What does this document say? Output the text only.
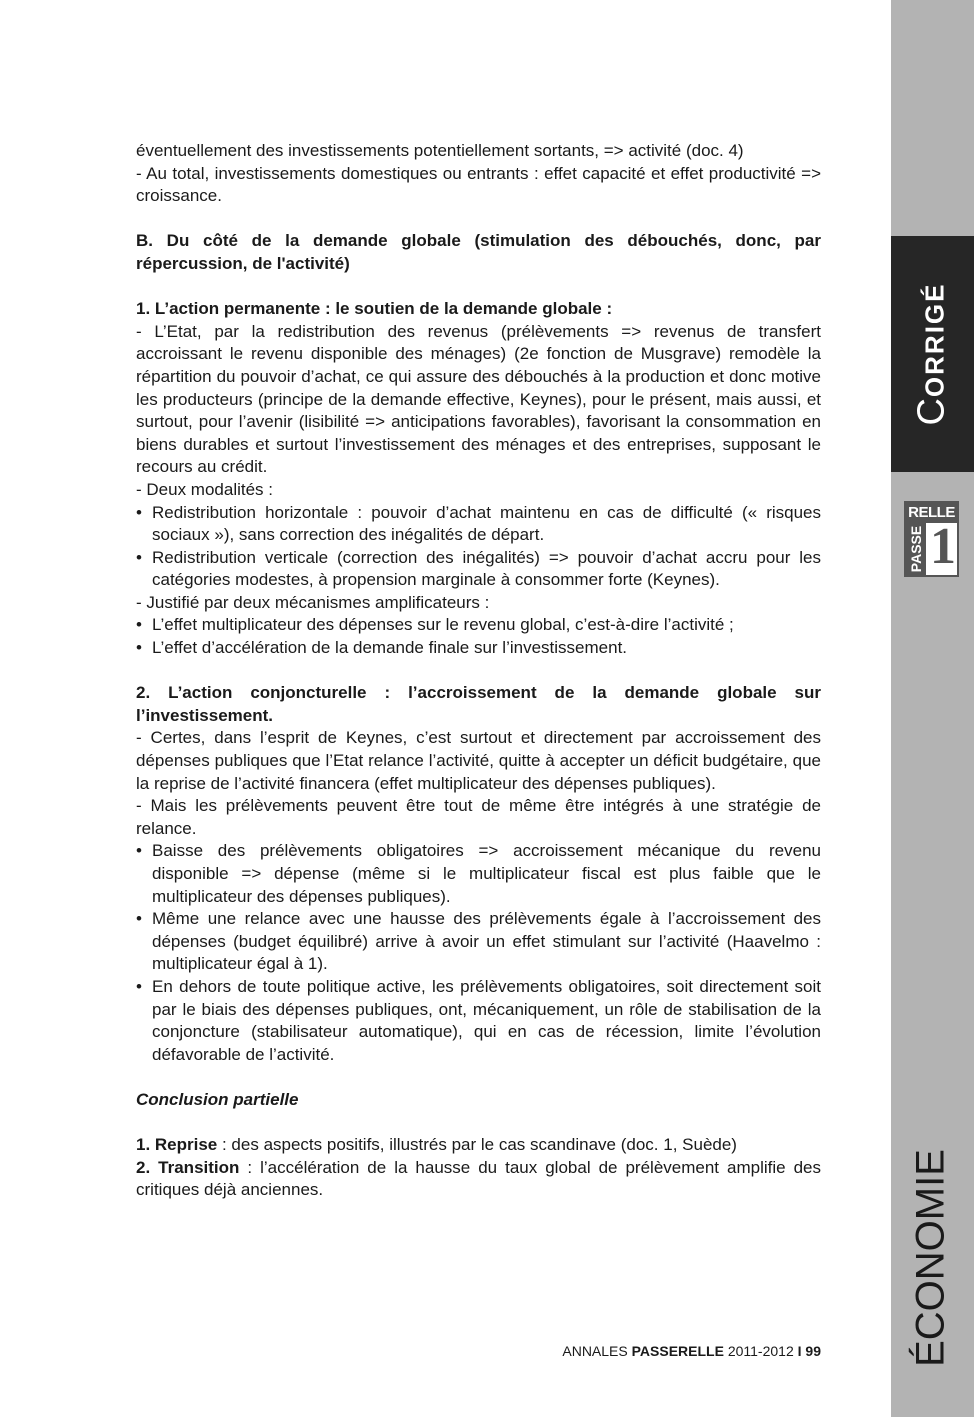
CORRIGÉ
RELLE
PASSE 1
ÉCONOMIE

éventuellement des investissements potentiellement sortants, => activité (doc. 4)

- Au total, investissements domestiques ou entrants : effet capacité et effet productivité => croissance.

B. Du côté de la demande globale (stimulation des débouchés, donc, par répercussion, de l'activité)

1. L’action permanente : le soutien de la demande globale :

- L’Etat, par la redistribution des revenus (prélèvements => revenus de transfert accroissant le revenu disponible des ménages) (2e fonction de Musgrave) remodèle la répartition du pouvoir d’achat, ce qui assure des débouchés à la production et donc motive les producteurs (principe de la demande effective, Keynes), pour le présent, mais aussi, et surtout, pour l’avenir (lisibilité => anticipations favorables), favorisant la consommation en biens durables et surtout l’investissement des ménages et des entreprises, supposant le recours au crédit.

- Deux modalités :

• Redistribution horizontale : pouvoir d’achat maintenu en cas de difficulté (« risques sociaux »), sans correction des inégalités de départ.
• Redistribution verticale (correction des inégalités) => pouvoir d’achat accru pour les catégories modestes, à propension marginale à consommer forte (Keynes).

- Justifié par deux mécanismes amplificateurs :

• L’effet multiplicateur des dépenses sur le revenu global, c’est-à-dire l’activité ;
• L’effet d’accélération de la demande finale sur l’investissement.

2. L’action conjoncturelle : l’accroissement de la demande globale sur l’investissement.

- Certes, dans l’esprit de Keynes, c’est surtout et directement par accroissement des dépenses publiques que l’Etat relance l’activité, quitte à accepter un déficit budgétaire, que la reprise de l’activité financera (effet multiplicateur des dépenses publiques).

- Mais les prélèvements peuvent être tout de même être intégrés à une stratégie de relance.

• Baisse des prélèvements obligatoires => accroissement mécanique du revenu disponible => dépense (même si le multiplicateur fiscal est plus faible que le multiplicateur des dépenses publiques).
• Même une relance avec une hausse des prélèvements égale à l’accroissement des dépenses (budget équilibré) arrive à avoir un effet stimulant sur l’activité (Haavelmo : multiplicateur égal à 1).
• En dehors de toute politique active, les prélèvements obligatoires, soit directement soit par le biais des dépenses publiques, ont, mécaniquement, un rôle de stabilisation de la conjoncture (stabilisateur automatique), qui en cas de récession, limite l’évolution défavorable de l’activité.

Conclusion partielle

1. Reprise : des aspects positifs, illustrés par le cas scandinave (doc. 1, Suède)

2. Transition : l’accélération de la hausse du taux global de prélèvement amplifie des critiques déjà anciennes.

ANNALES PASSERELLE 2011-2012 I 99
